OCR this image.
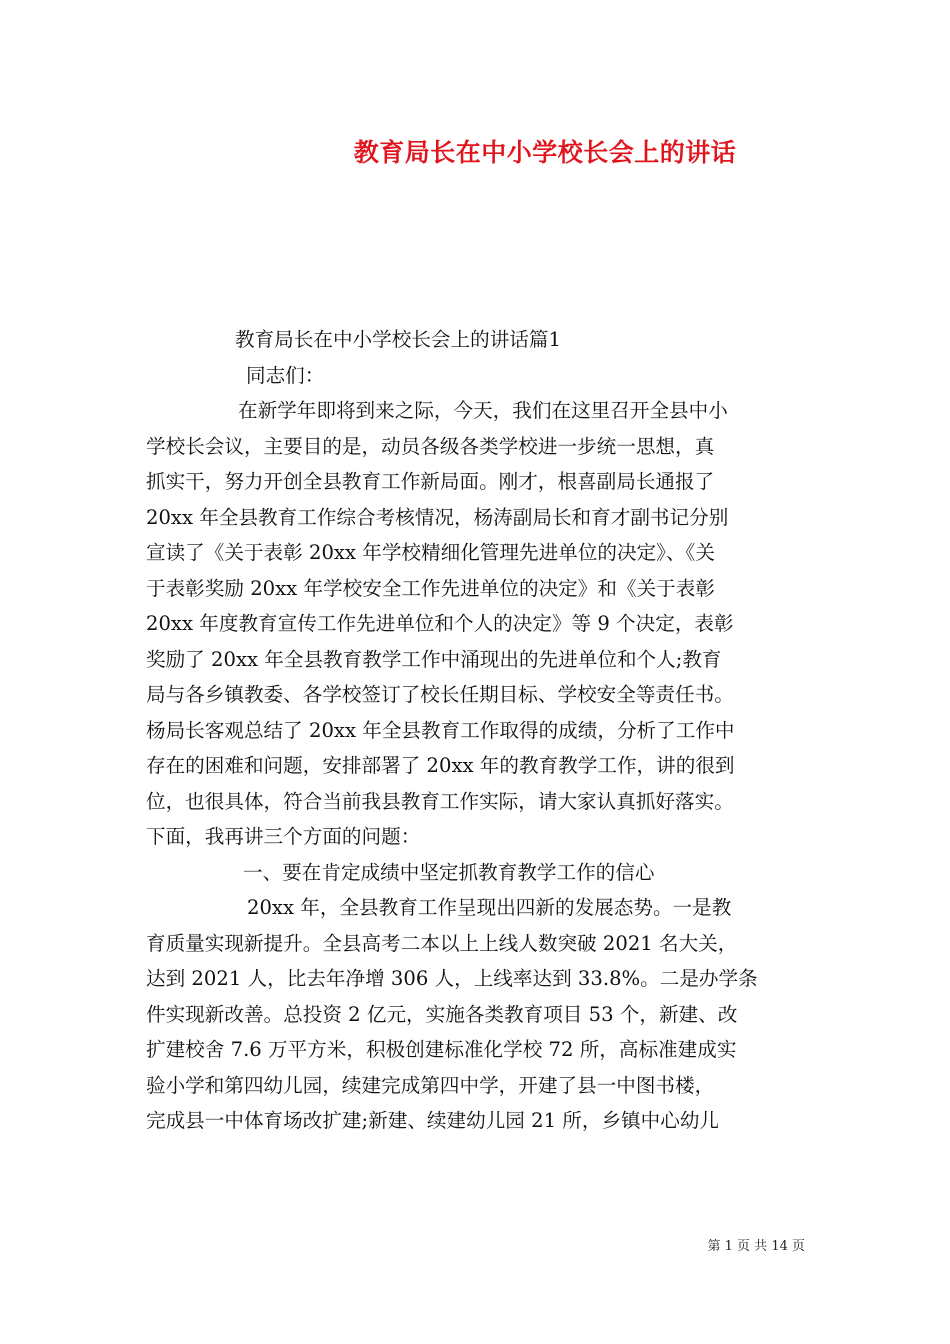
教育局长在中小学校长会上的讲话
教育局长在中小学校长会上的讲话篇1
同志们：
在新学年即将到来之际，今天，我们在这里召开全县中小
学校长会议，主要目的是，动员各级各类学校进一步统一思想，真
抓实干，努力开创全县教育工作新局面。刚才，根喜副局长通报了
20xx 年全县教育工作综合考核情况，杨涛副局长和育才副书记分别
宣读了《关于表彰 20xx 年学校精细化管理先进单位的决定》、《关
于表彰奖励 20xx 年学校安全工作先进单位的决定》和《关于表彰
20xx 年度教育宣传工作先进单位和个人的决定》等 9 个决定，表彰
奖励了 20xx 年全县教育教学工作中涌现出的先进单位和个人;教育
局与各乡镇教委、各学校签订了校长任期目标、学校安全等责任书。
杨局长客观总结了 20xx 年全县教育工作取得的成绩，分析了工作中
存在的困难和问题，安排部署了 20xx 年的教育教学工作，讲的很到
位，也很具体，符合当前我县教育工作实际，请大家认真抓好落实。
下面，我再讲三个方面的问题：
一、要在肯定成绩中坚定抓教育教学工作的信心
20xx 年，全县教育工作呈现出四新的发展态势。一是教
育质量实现新提升。全县高考二本以上上线人数突破 2021 名大关，
达到 2021 人，比去年净增 306 人，上线率达到 33.8%。二是办学条
件实现新改善。总投资 2 亿元，实施各类教育项目 53 个，新建、改
扩建校舍 7.6 万平方米，积极创建标准化学校 72 所，高标准建成实
验小学和第四幼儿园，续建完成第四中学，开建了县一中图书楼，
完成县一中体育场改扩建;新建、续建幼儿园 21 所，乡镇中心幼儿
第 1 页 共 14 页
